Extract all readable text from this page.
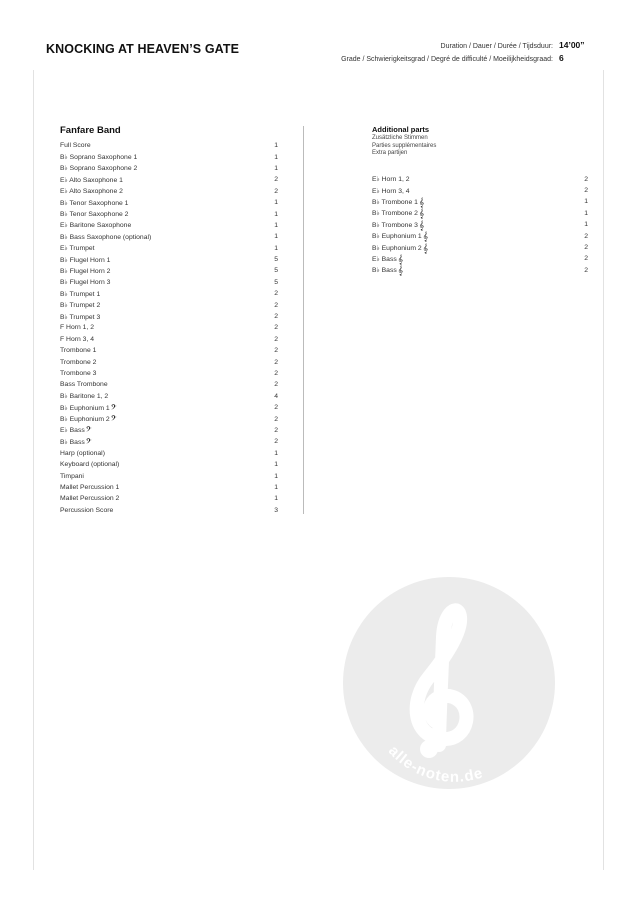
KNOCKING AT HEAVEN’S GATE	Duration / Dauer / Durée / Tijdsduur: 14’00”
Grade / Schwierigkeitsgrad / Degré de difficulté / Moeilijkheidsgraad: 6
Fanfare Band
Full Score	1
B♭ Soprano Saxophone 1	1
B♭ Soprano Saxophone 2	1
E♭ Alto Saxophone 1	2
E♭ Alto Saxophone 2	2
B♭ Tenor Saxophone 1	1
B♭ Tenor Saxophone 2	1
E♭ Baritone Saxophone	1
B♭ Bass Saxophone (optional)	1
E♭ Trumpet	1
B♭ Flugel Horn 1	5
B♭ Flugel Horn 2	5
B♭ Flugel Horn 3	5
B♭ Trumpet 1	2
B♭ Trumpet 2	2
B♭ Trumpet 3	2
F Horn 1, 2	2
F Horn 3, 4	2
Trombone 1	2
Trombone 2	2
Trombone 3	2
Bass Trombone	2
B♭ Baritone 1, 2	4
B♭ Euphonium 1 𝄢	2
B♭ Euphonium 2 𝄢	2
E♭ Bass 𝄢	2
B♭ Bass 𝄢	2
Harp (optional)	1
Keyboard (optional)	1
Timpani	1
Mallet Percussion 1	1
Mallet Percussion 2	1
Percussion Score	3
Additional parts
Zusätzliche Stimmen
Parties supplémentaires
Extra partijen
E♭ Horn 1, 2	2
E♭ Horn 3, 4	2
B♭ Trombone 1 𝄞	1
B♭ Trombone 2 𝄞	1
B♭ Trombone 3 𝄞	1
B♭ Euphonium 1 𝄞	2
B♭ Euphonium 2 𝄞	2
E♭ Bass 𝄞	2
B♭ Bass 𝄞	2
alle-noten.de
